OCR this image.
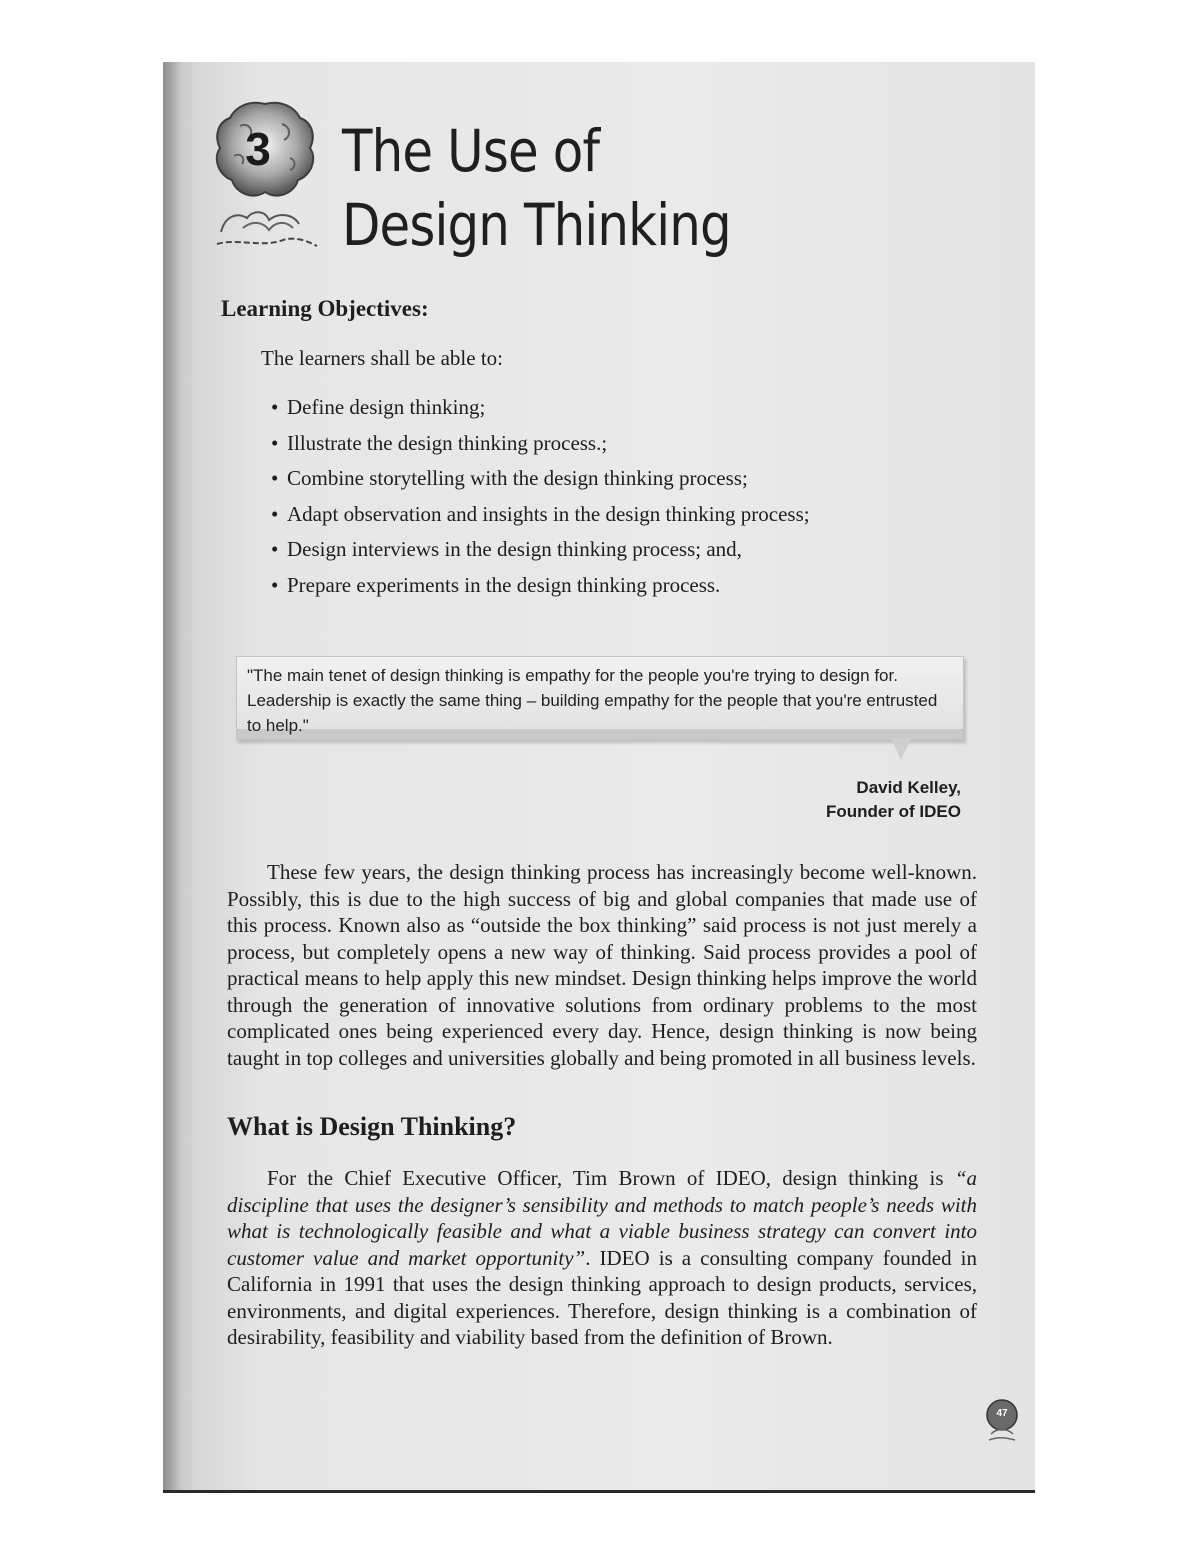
3	The Use of
Design Thinking
Learning Objectives:

The learners shall be able to:

• Define design thinking;
• Illustrate the design thinking process.;
• Combine storytelling with the design thinking process;
• Adapt observation and insights in the design thinking process;
• Design interviews in the design thinking process; and,
• Prepare experiments in the design thinking process.

"The main tenet of design thinking is empathy for the people you're trying to design for. Leadership is exactly the same thing – building empathy for the people that you're entrusted to help."

David Kelley,
Founder of IDEO

These few years, the design thinking process has increasingly become well-known. Possibly, this is due to the high success of big and global companies that made use of this process. Known also as “outside the box thinking” said process is not just merely a process, but completely opens a new way of thinking. Said process provides a pool of practical means to help apply this new mindset. Design thinking helps improve the world through the generation of innovative solutions from ordinary problems to the most complicated ones being experienced every day. Hence, design thinking is now being taught in top colleges and universities globally and being promoted in all business levels.

What is Design Thinking?

For the Chief Executive Officer, Tim Brown of IDEO, design thinking is “a discipline that uses the designer’s sensibility and methods to match people’s needs with what is technologically feasible and what a viable business strategy can convert into customer value and market opportunity”. IDEO is a consulting company founded in California in 1991 that uses the design thinking approach to design products, services, environments, and digital experiences. Therefore, design thinking is a combination of desirability, feasibility and viability based from the definition of Brown.

47
